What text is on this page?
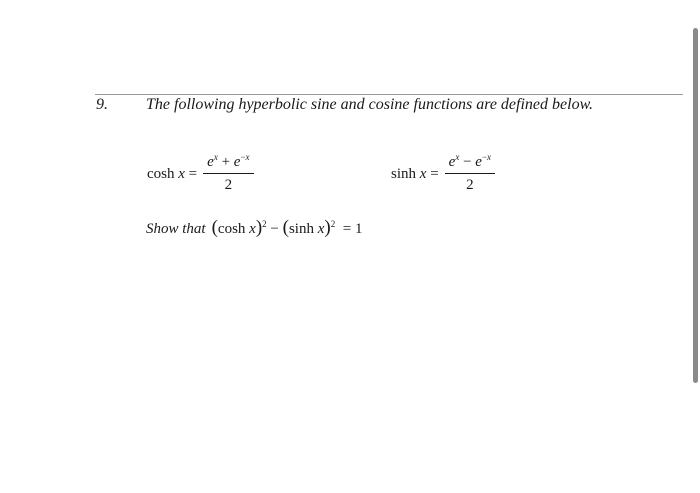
9. The following hyperbolic sine and cosine functions are defined below.
$\cosh x = \frac{e^x + e^{-x}}{2}$	$\sinh x = \frac{e^x - e^{-x}}{2}$
Show that (cosh x)$^2$ − (sinh x)$^2$  = 1
